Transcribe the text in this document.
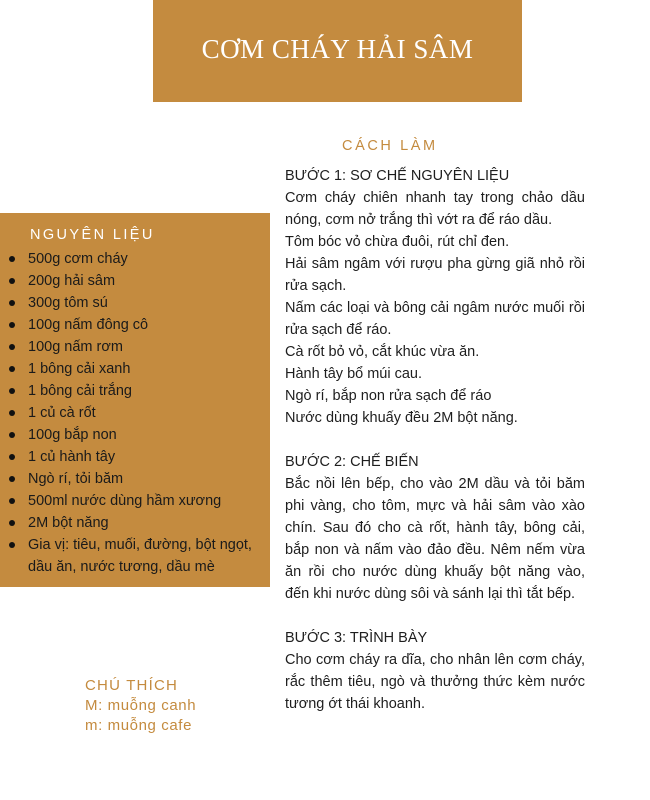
CƠM CHÁY HẢI SÂM
NGUYÊN LIỆU
500g cơm cháy
200g hải sâm
300g tôm sú
100g nấm đông cô
100g nấm rơm
1 bông cải xanh
1 bông cải trắng
1 củ cà rốt
100g bắp non
1 củ hành tây
Ngò rí, tỏi băm
500ml nước dùng hầm xương
2M bột năng
Gia vị: tiêu, muối, đường, bột ngọt, dầu ăn, nước tương, dầu mè
CÁCH LÀM

BƯỚC 1: SƠ CHẾ NGUYÊN LIỆU

Cơm cháy chiên nhanh tay trong chảo dầu nóng, cơm nở trắng thì vớt ra để ráo dầu.

Tôm bóc vỏ chừa đuôi, rút chỉ đen.

Hải sâm ngâm với rượu pha gừng giã nhỏ rồi rửa sạch.

Nấm các loại và bông cải ngâm nước muối rồi rửa sạch để ráo.

Cà rốt bỏ vỏ, cắt khúc vừa ăn.

Hành tây bổ múi cau.

Ngò rí, bắp non rửa sạch để ráo

Nước dùng khuấy đều 2M bột năng.

BƯỚC 2: CHẾ BIẾN

Bắc nồi lên bếp, cho vào 2M dầu và tỏi băm phi vàng, cho tôm, mực và hải sâm vào xào chín. Sau đó cho cà rốt, hành tây, bông cải, bắp non và nấm vào đảo đều. Nêm nếm vừa ăn rồi cho nước dùng khuấy bột năng vào, đến khi nước dùng sôi và sánh lại thì tắt bếp.

BƯỚC 3: TRÌNH BÀY

Cho cơm cháy ra dĩa, cho nhân lên cơm cháy, rắc thêm tiêu, ngò và thưởng thức kèm nước tương ớt thái khoanh.

CHÚ THÍCH
M: muỗng canh
m: muỗng cafe
